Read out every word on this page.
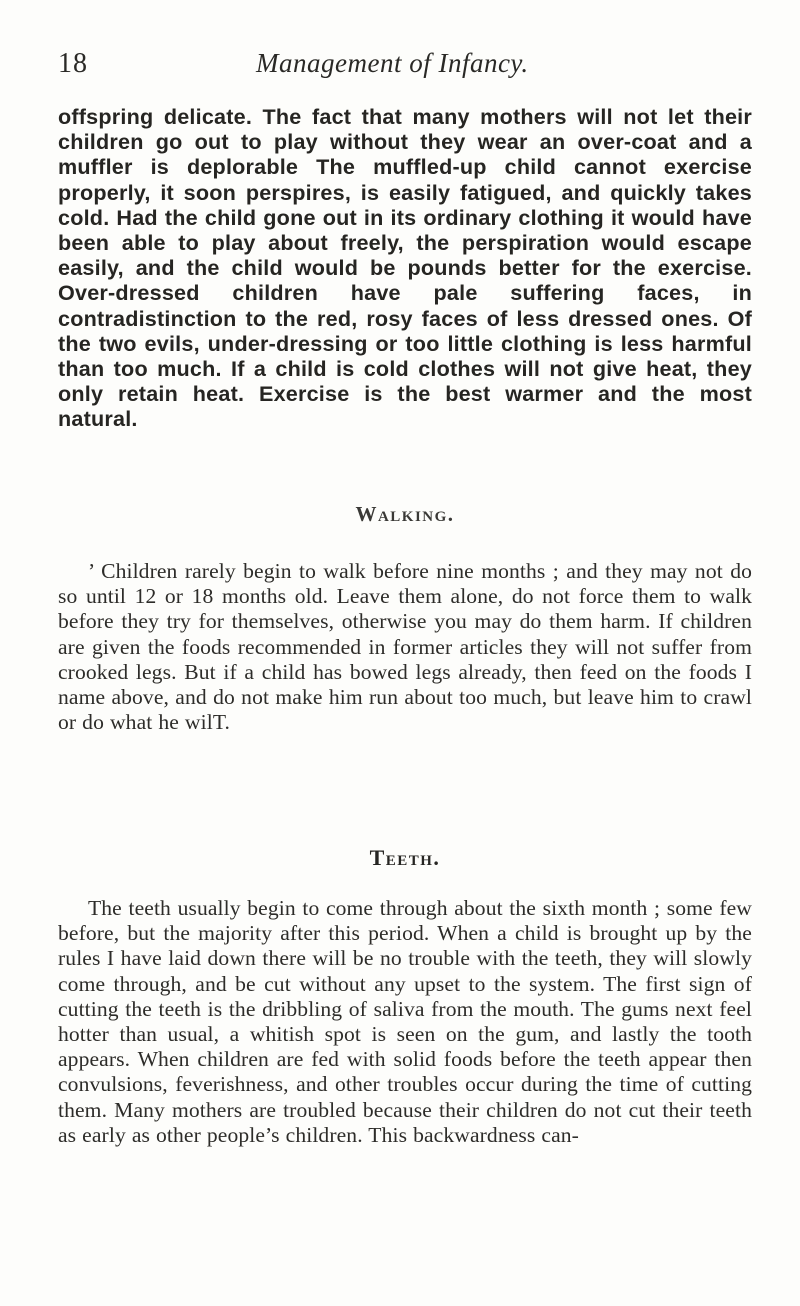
18	Management of Infancy.

offspring delicate. The fact that many mothers will not let their children go out to play without they wear an over-coat and a muffler is deplorable The muffled-up child cannot exercise properly, it soon perspires, is easily fatigued, and quickly takes cold. Had the child gone out in its ordinary clothing it would have been able to play about freely, the perspiration would escape easily, and the child would be pounds better for the exercise. Over-dressed children have pale suffering faces, in contradistinction to the red, rosy faces of less dressed ones. Of the two evils, under-dressing or too little clothing is less harmful than too much. If a child is cold clothes will not give heat, they only retain heat. Exercise is the best warmer and the most natural.

Walking.

’ Children rarely begin to walk before nine months ; and they may not do so until 12 or 18 months old. Leave them alone, do not force them to walk before they try for themselves, otherwise you may do them harm. If children are given the foods recommended in former articles they will not suffer from crooked legs. But if a child has bowed legs already, then feed on the foods I name above, and do not make him run about too much, but leave him to crawl or do what he wilT.

Teeth.

The teeth usually begin to come through about the sixth month ; some few before, but the majority after this period. When a child is brought up by the rules I have laid down there will be no trouble with the teeth, they will slowly come through, and be cut without any upset to the system. The first sign of cutting the teeth is the dribbling of saliva from the mouth. The gums next feel hotter than usual, a whitish spot is seen on the gum, and lastly the tooth appears. When children are fed with solid foods before the teeth appear then convulsions, feverishness, and other troubles occur during the time of cutting them. Many mothers are troubled because their children do not cut their teeth as early as other people’s children. This backwardness can-
